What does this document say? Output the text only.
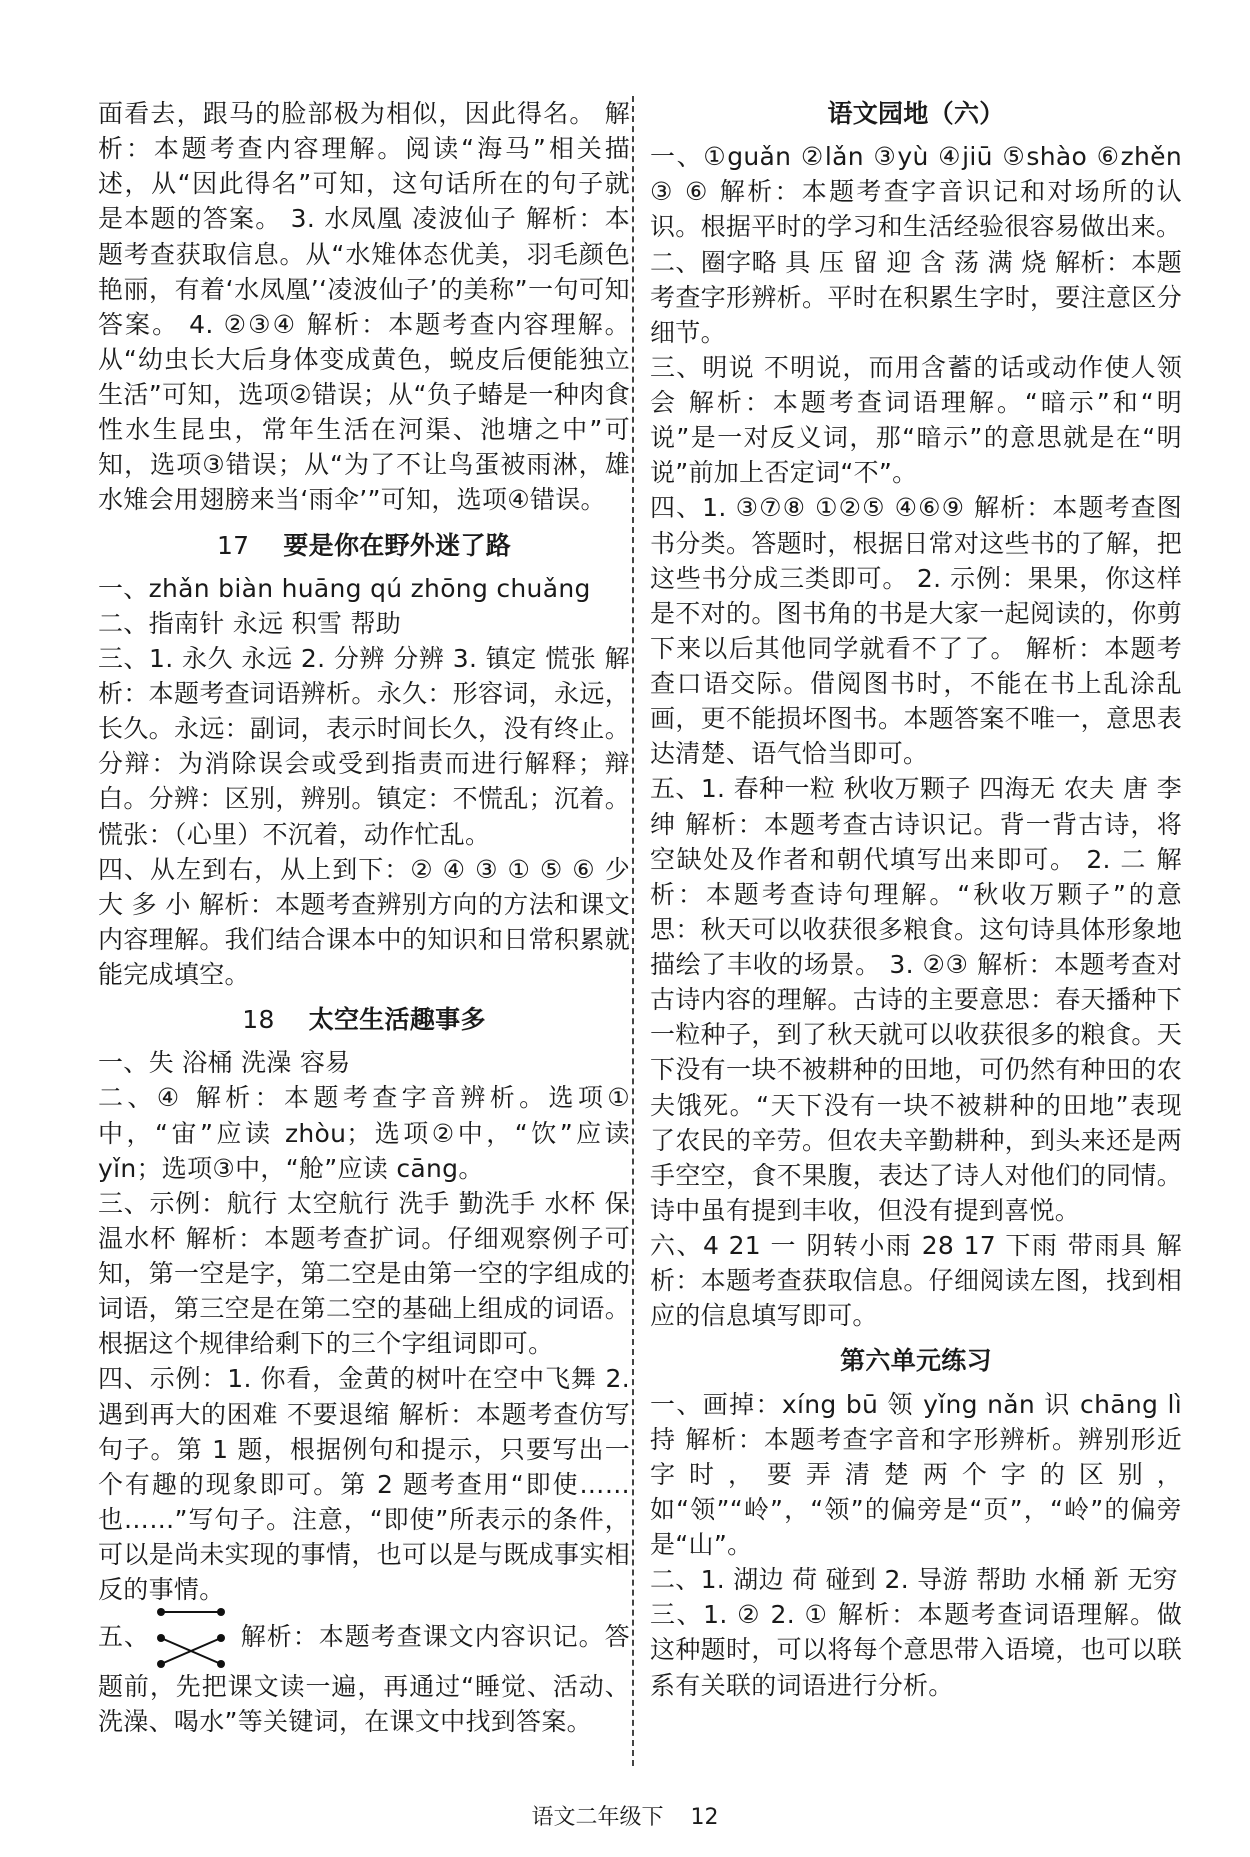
面看去，跟马的脸部极为相似，因此得名。 解析：本题考查内容理解。阅读“海马”相关描述，从“因此得名”可知，这句话所在的句子就是本题的答案。 3. 水凤凰 凌波仙子 解析：本题考查获取信息。从“水雉体态优美，羽毛颜色艳丽，有着‘水凤凰’‘凌波仙子’的美称”一句可知答案。 4. ②③④ 解析：本题考查内容理解。从“幼虫长大后身体变成黄色，蜕皮后便能独立生活”可知，选项②错误；从“负子蝽是一种肉食性水生昆虫，常年生活在河渠、池塘之中”可知，选项③错误；从“为了不让鸟蛋被雨淋，雄水雉会用翅膀来当‘雨伞’”可知，选项④错误。

17 要是你在野外迷了路

一、zhǎn biàn huāng qú zhōng chuǎng

二、指南针 永远 积雪 帮助

三、1. 永久 永远 2. 分辨 分辨 3. 镇定 慌张 解析：本题考查词语辨析。永久：形容词，永远，长久。永远：副词，表示时间长久，没有终止。分辩：为消除误会或受到指责而进行解释；辩白。分辨：区别，辨别。镇定：不慌乱；沉着。慌张：（心里）不沉着，动作忙乱。

四、从左到右，从上到下：② ④ ③ ① ⑤ ⑥ 少 大 多 小 解析：本题考查辨别方向的方法和课文内容理解。我们结合课本中的知识和日常积累就能完成填空。

18 太空生活趣事多

一、失 浴桶 洗澡 容易

二、④ 解析：本题考查字音辨析。选项①中，“宙”应读 zhòu；选项②中，“饮”应读 yǐn；选项③中，“舱”应读 cāng。

三、示例：航行 太空航行 洗手 勤洗手 水杯 保温水杯 解析：本题考查扩词。仔细观察例子可知，第一空是字，第二空是由第一空的字组成的词语，第三空是在第二空的基础上组成的词语。根据这个规律给剩下的三个字组词即可。

四、示例：1. 你看，金黄的树叶在空中飞舞 2. 遇到再大的困难 不要退缩 解析：本题考查仿写句子。第 1 题，根据例句和提示，只要写出一个有趣的现象即可。第 2 题考查用“即使……也……”写句子。注意，“即使”所表示的条件，可以是尚未实现的事情，也可以是与既成事实相反的事情。

五、	解析：本题考查课文内容识记。答题前，先把课文读一遍，再通过“睡觉、活动、洗澡、喝水”等关键词，在课文中找到答案。

语文园地（六）

一、①guǎn ②lǎn ③yù ④jiū ⑤shào ⑥zhěn ③ ⑥ 解析：本题考查字音识记和对场所的认识。根据平时的学习和生活经验很容易做出来。

二、圈字略 具 压 留 迎 含 荡 满 烧 解析：本题考查字形辨析。平时在积累生字时，要注意区分细节。

三、明说 不明说，而用含蓄的话或动作使人领会 解析：本题考查词语理解。“暗示”和“明说”是一对反义词，那“暗示”的意思就是在“明说”前加上否定词“不”。

四、1. ③⑦⑧ ①②⑤ ④⑥⑨ 解析：本题考查图书分类。答题时，根据日常对这些书的了解，把这些书分成三类即可。 2. 示例：果果，你这样是不对的。图书角的书是大家一起阅读的，你剪下来以后其他同学就看不了了。 解析：本题考查口语交际。借阅图书时，不能在书上乱涂乱画，更不能损坏图书。本题答案不唯一，意思表达清楚、语气恰当即可。

五、1. 春种一粒 秋收万颗子 四海无 农夫 唐 李绅 解析：本题考查古诗识记。背一背古诗，将空缺处及作者和朝代填写出来即可。 2. 二 解析：本题考查诗句理解。“秋收万颗子”的意思：秋天可以收获很多粮食。这句诗具体形象地描绘了丰收的场景。 3. ②③ 解析：本题考查对古诗内容的理解。古诗的主要意思：春天播种下一粒种子，到了秋天就可以收获很多的粮食。天下没有一块不被耕种的田地，可仍然有种田的农夫饿死。“天下没有一块不被耕种的田地”表现了农民的辛劳。但农夫辛勤耕种，到头来还是两手空空，食不果腹，表达了诗人对他们的同情。诗中虽有提到丰收，但没有提到喜悦。

六、4 21 一 阴转小雨 28 17 下雨 带雨具 解析：本题考查获取信息。仔细阅读左图，找到相应的信息填写即可。

第六单元练习

一、画掉：xíng bū 领 yǐng nǎn 识 chāng lì 持 解析：本题考查字音和字形辨析。辨别形近字时，要弄清楚两个字的区别，如“领”“岭”，“领”的偏旁是“页”，“岭”的偏旁是“山”。

二、1. 湖边 荷 碰到 2. 导游 帮助 水桶 新 无穷

三、1. ② 2. ① 解析：本题考查词语理解。做这种题时，可以将每个意思带入语境，也可以联系有关联的词语进行分析。

语文二年级下 12
